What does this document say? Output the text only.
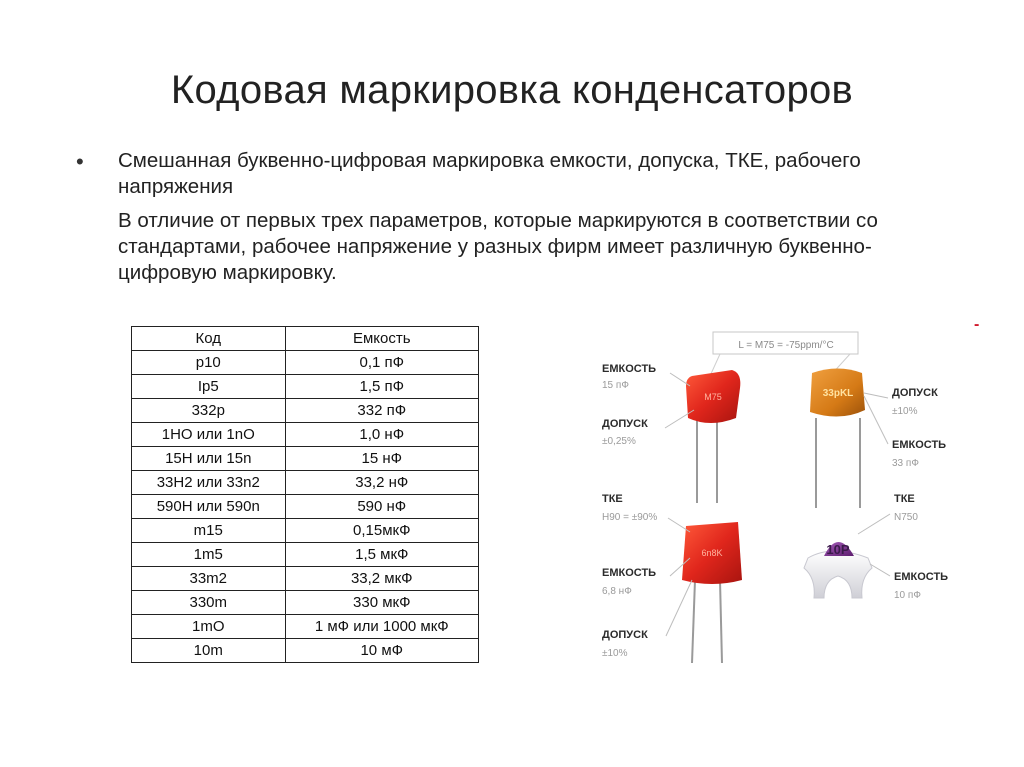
Кодовая маркировка конденсаторов
•	Смешанная буквенно-цифровая маркировка емкости, допуска, ТКЕ, рабочего напряжения
В отличие от первых трех параметров, которые маркируются в соответствии со стандартами, рабочее напряжение у разных фирм имеет различную буквенно-цифровую маркировку.
Код	Емкость
p10	0,1 пФ
Ip5	1,5 пФ
332p	332 пФ
1НО или 1nО	1,0 нФ
15Н или 15n	15 нФ
33Н2 или 33n2	33,2 нФ
590Н или 590n	590 нФ
m15	0,15мкФ
1m5	1,5 мкФ
33m2	33,2 мкФ
330m	330 мкФ
1mО	1 мФ или 1000 мкФ
10m	10 мФ
-
L = M75 = -75ppm/°C
M75
ЕМКОСТЬ
15 пФ
ДОПУСК
±0,25%
33pKL	ДОПУСК
±10%
ЕМКОСТЬ
33 пФ
6n8K
ТКЕ
H90 = ±90%
ЕМКОСТЬ
6,8 нФ
ДОПУСК
±10%
10P
ТКЕ
N750
ЕМКОСТЬ
10 пФ
